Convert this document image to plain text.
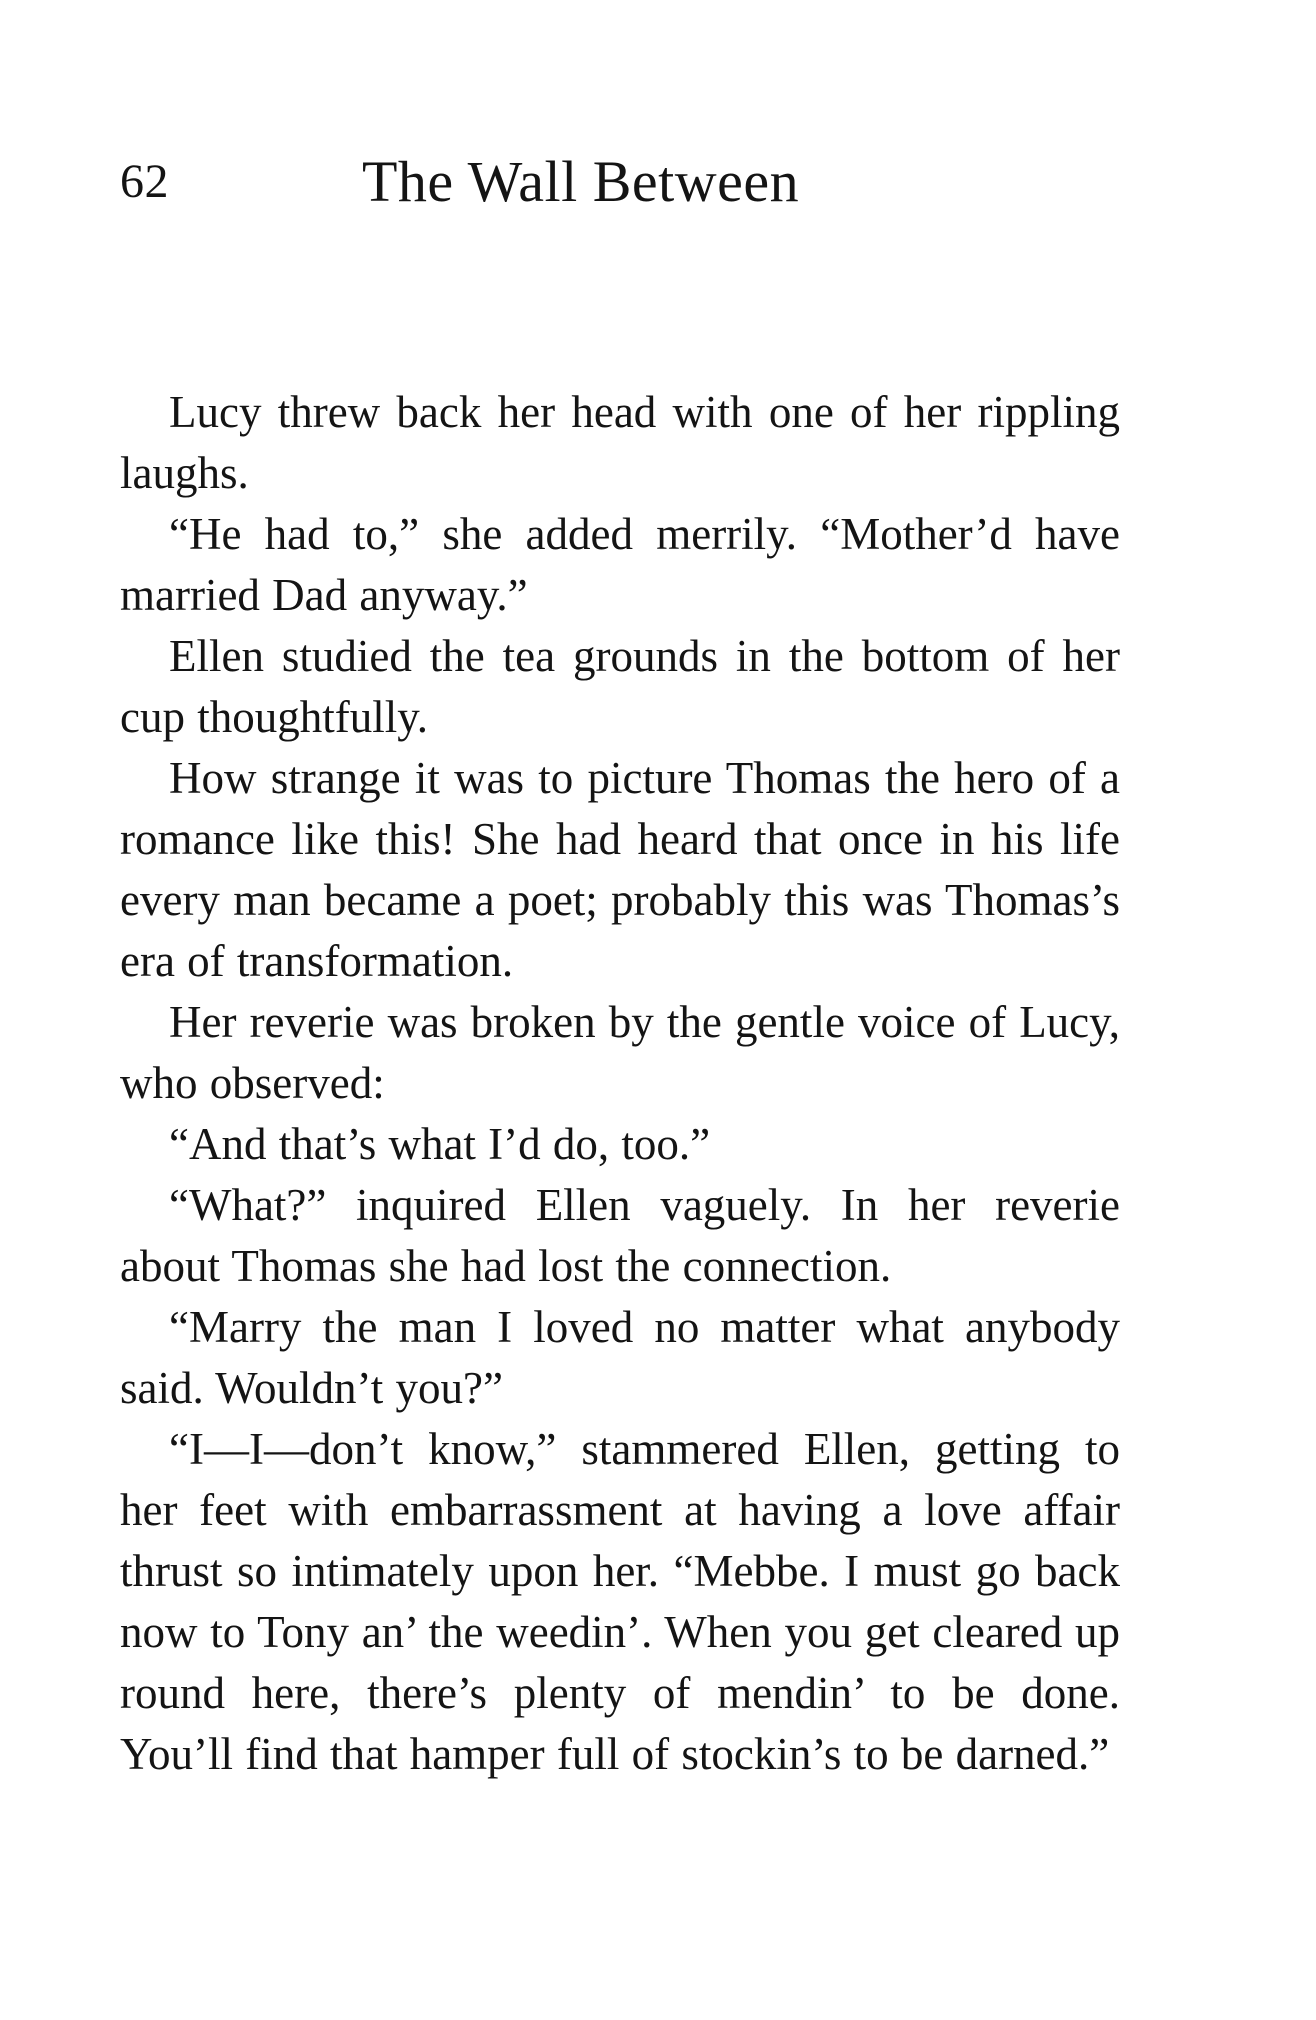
62	The Wall Between

Lucy threw back her head with one of her rippling laughs.

“He had to,” she added merrily. “Mother’d have married Dad anyway.”

Ellen studied the tea grounds in the bottom of her cup thoughtfully.

How strange it was to picture Thomas the hero of a romance like this! She had heard that once in his life every man became a poet; probably this was Thomas’s era of transformation.

Her reverie was broken by the gentle voice of Lucy, who observed:

“And that’s what I’d do, too.”

“What?” inquired Ellen vaguely. In her reverie about Thomas she had lost the connection.

“Marry the man I loved no matter what anybody said. Wouldn’t you?”

“I—I—don’t know,” stammered Ellen, getting to her feet with embarrassment at having a love affair thrust so intimately upon her. “Mebbe. I must go back now to Tony an’ the weedin’. When you get cleared up round here, there’s plenty of mendin’ to be done. You’ll find that hamper full of stockin’s to be darned.”
